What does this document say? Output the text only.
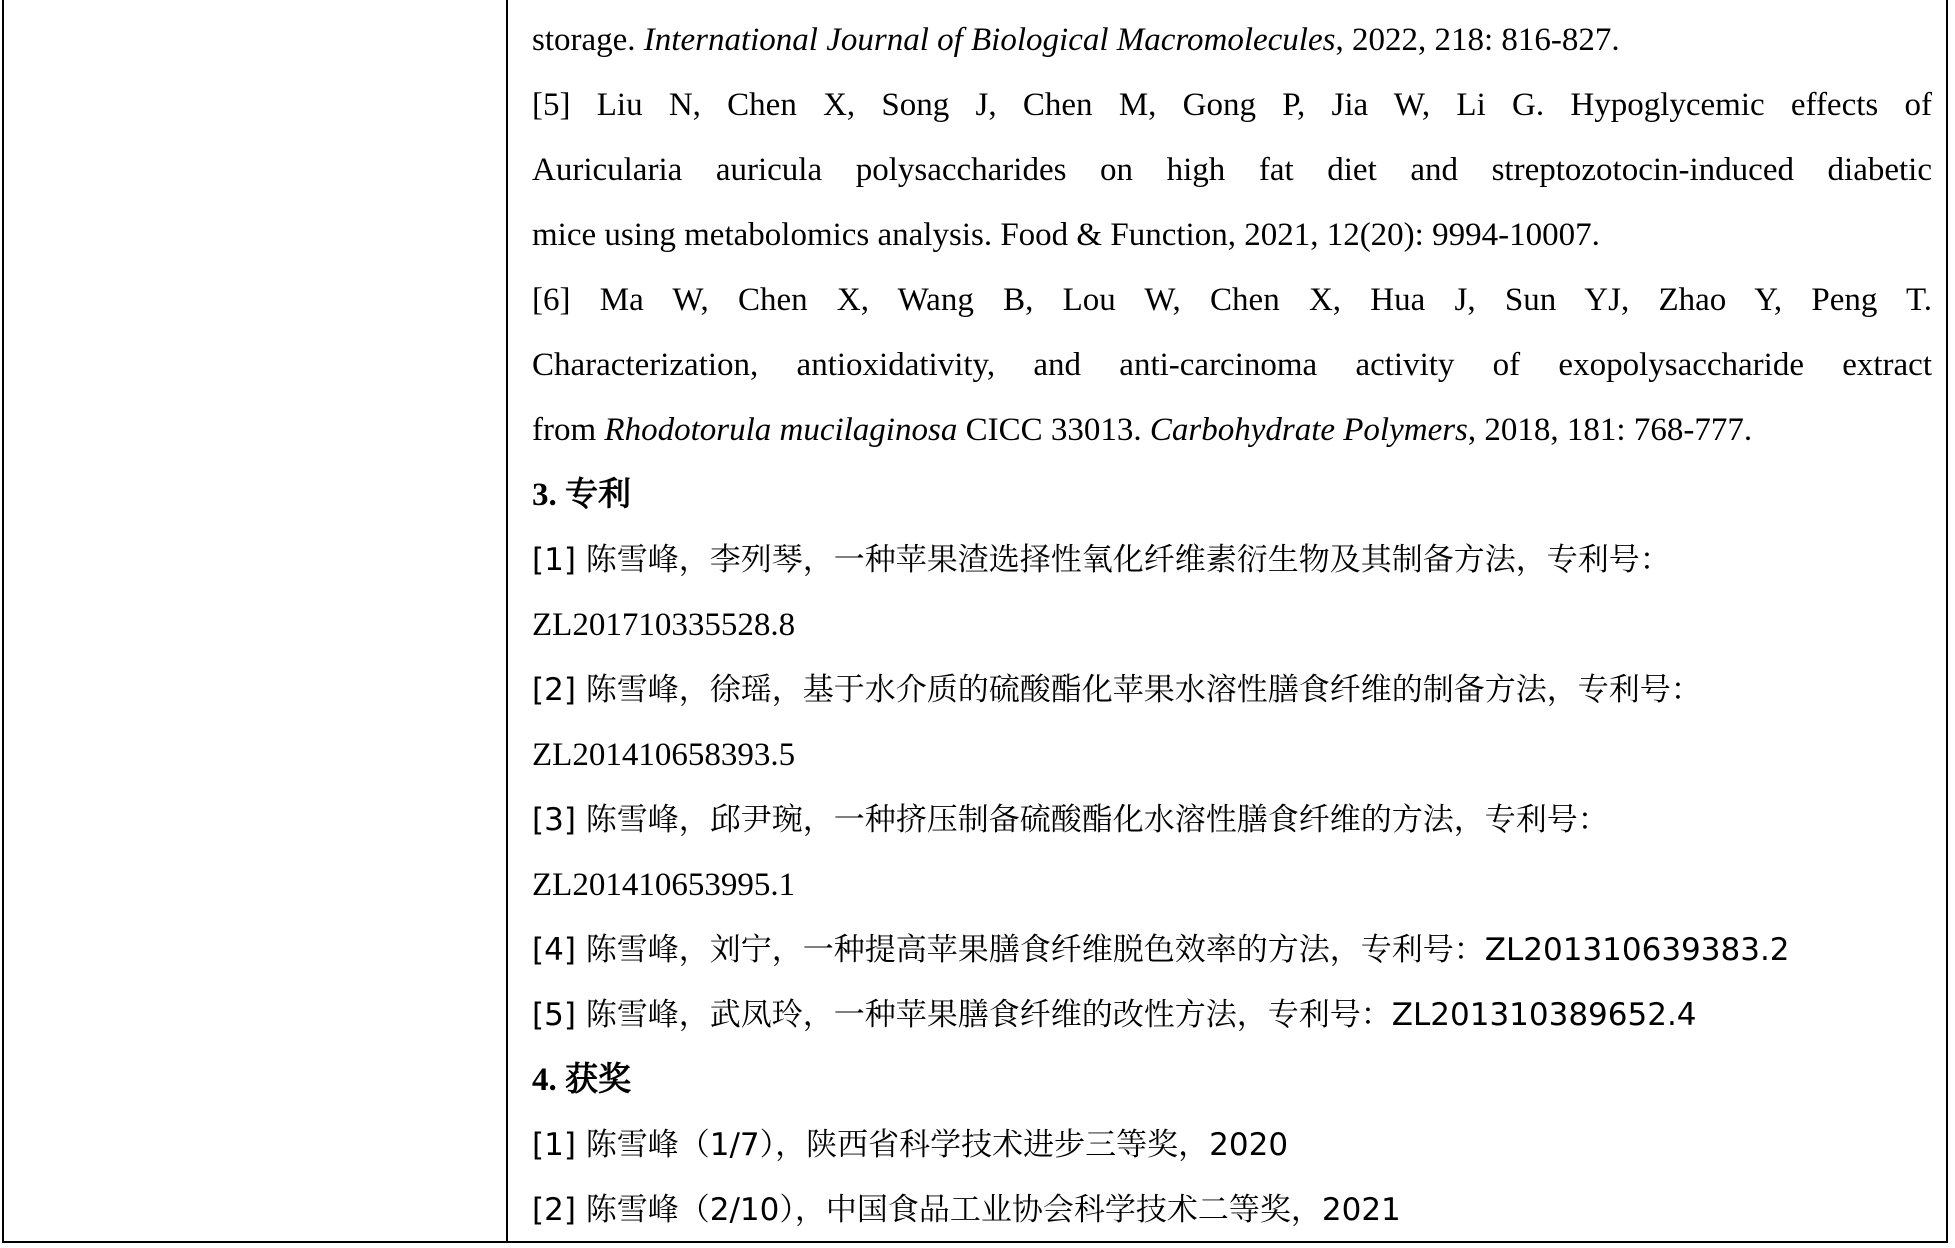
storage. International Journal of Biological Macromolecules, 2022, 218: 816-827.
[5] Liu N, Chen X, Song J, Chen M, Gong P, Jia W, Li G. Hypoglycemic effects of
Auricularia auricula polysaccharides on high fat diet and streptozotocin-induced diabetic
mice using metabolomics analysis. Food & Function, 2021, 12(20): 9994-10007.
[6] Ma W, Chen X, Wang B, Lou W, Chen X, Hua J, Sun YJ, Zhao Y, Peng T.
Characterization, antioxidativity, and anti-carcinoma activity of exopolysaccharide extract
from Rhodotorula mucilaginosa CICC 33013. Carbohydrate Polymers, 2018, 181: 768-777.
3. 专利
[1] 陈雪峰，李列琴，一种苹果渣选择性氧化纤维素衍生物及其制备方法，专利号：
ZL201710335528.8
[2] 陈雪峰，徐瑶，基于水介质的硫酸酯化苹果水溶性膳食纤维的制备方法，专利号：
ZL201410658393.5
[3] 陈雪峰，邱尹琬，一种挤压制备硫酸酯化水溶性膳食纤维的方法，专利号：
ZL201410653995.1
[4] 陈雪峰，刘宁，一种提高苹果膳食纤维脱色效率的方法，专利号：ZL201310639383.2
[5] 陈雪峰，武凤玲，一种苹果膳食纤维的改性方法，专利号：ZL201310389652.4
4. 获奖
[1] 陈雪峰（1/7），陕西省科学技术进步三等奖，2020
[2] 陈雪峰（2/10），中国食品工业协会科学技术二等奖，2021
